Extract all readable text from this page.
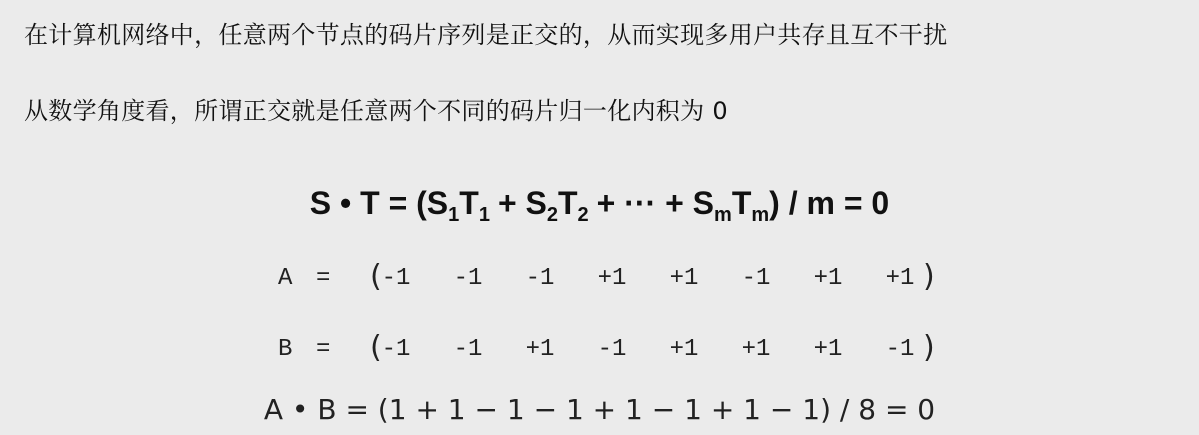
在计算机网络中，任意两个节点的码片序列是正交的，从而实现多用户共存且互不干扰
从数学角度看，所谓正交就是任意两个不同的码片归一化内积为 0
S • $T = (S_1T_1 + S_2T_2$ + ··· + $S_mT_m) / m = 0$
A = ( -1	-1	-1	+1	+1	-1	+1	+1 )
B = ( -1	-1	+1	-1	+1	+1	+1	-1 )
A • B = (1 + 1 − 1 − 1 + 1 − 1 + 1 − 1) / 8 = 0
